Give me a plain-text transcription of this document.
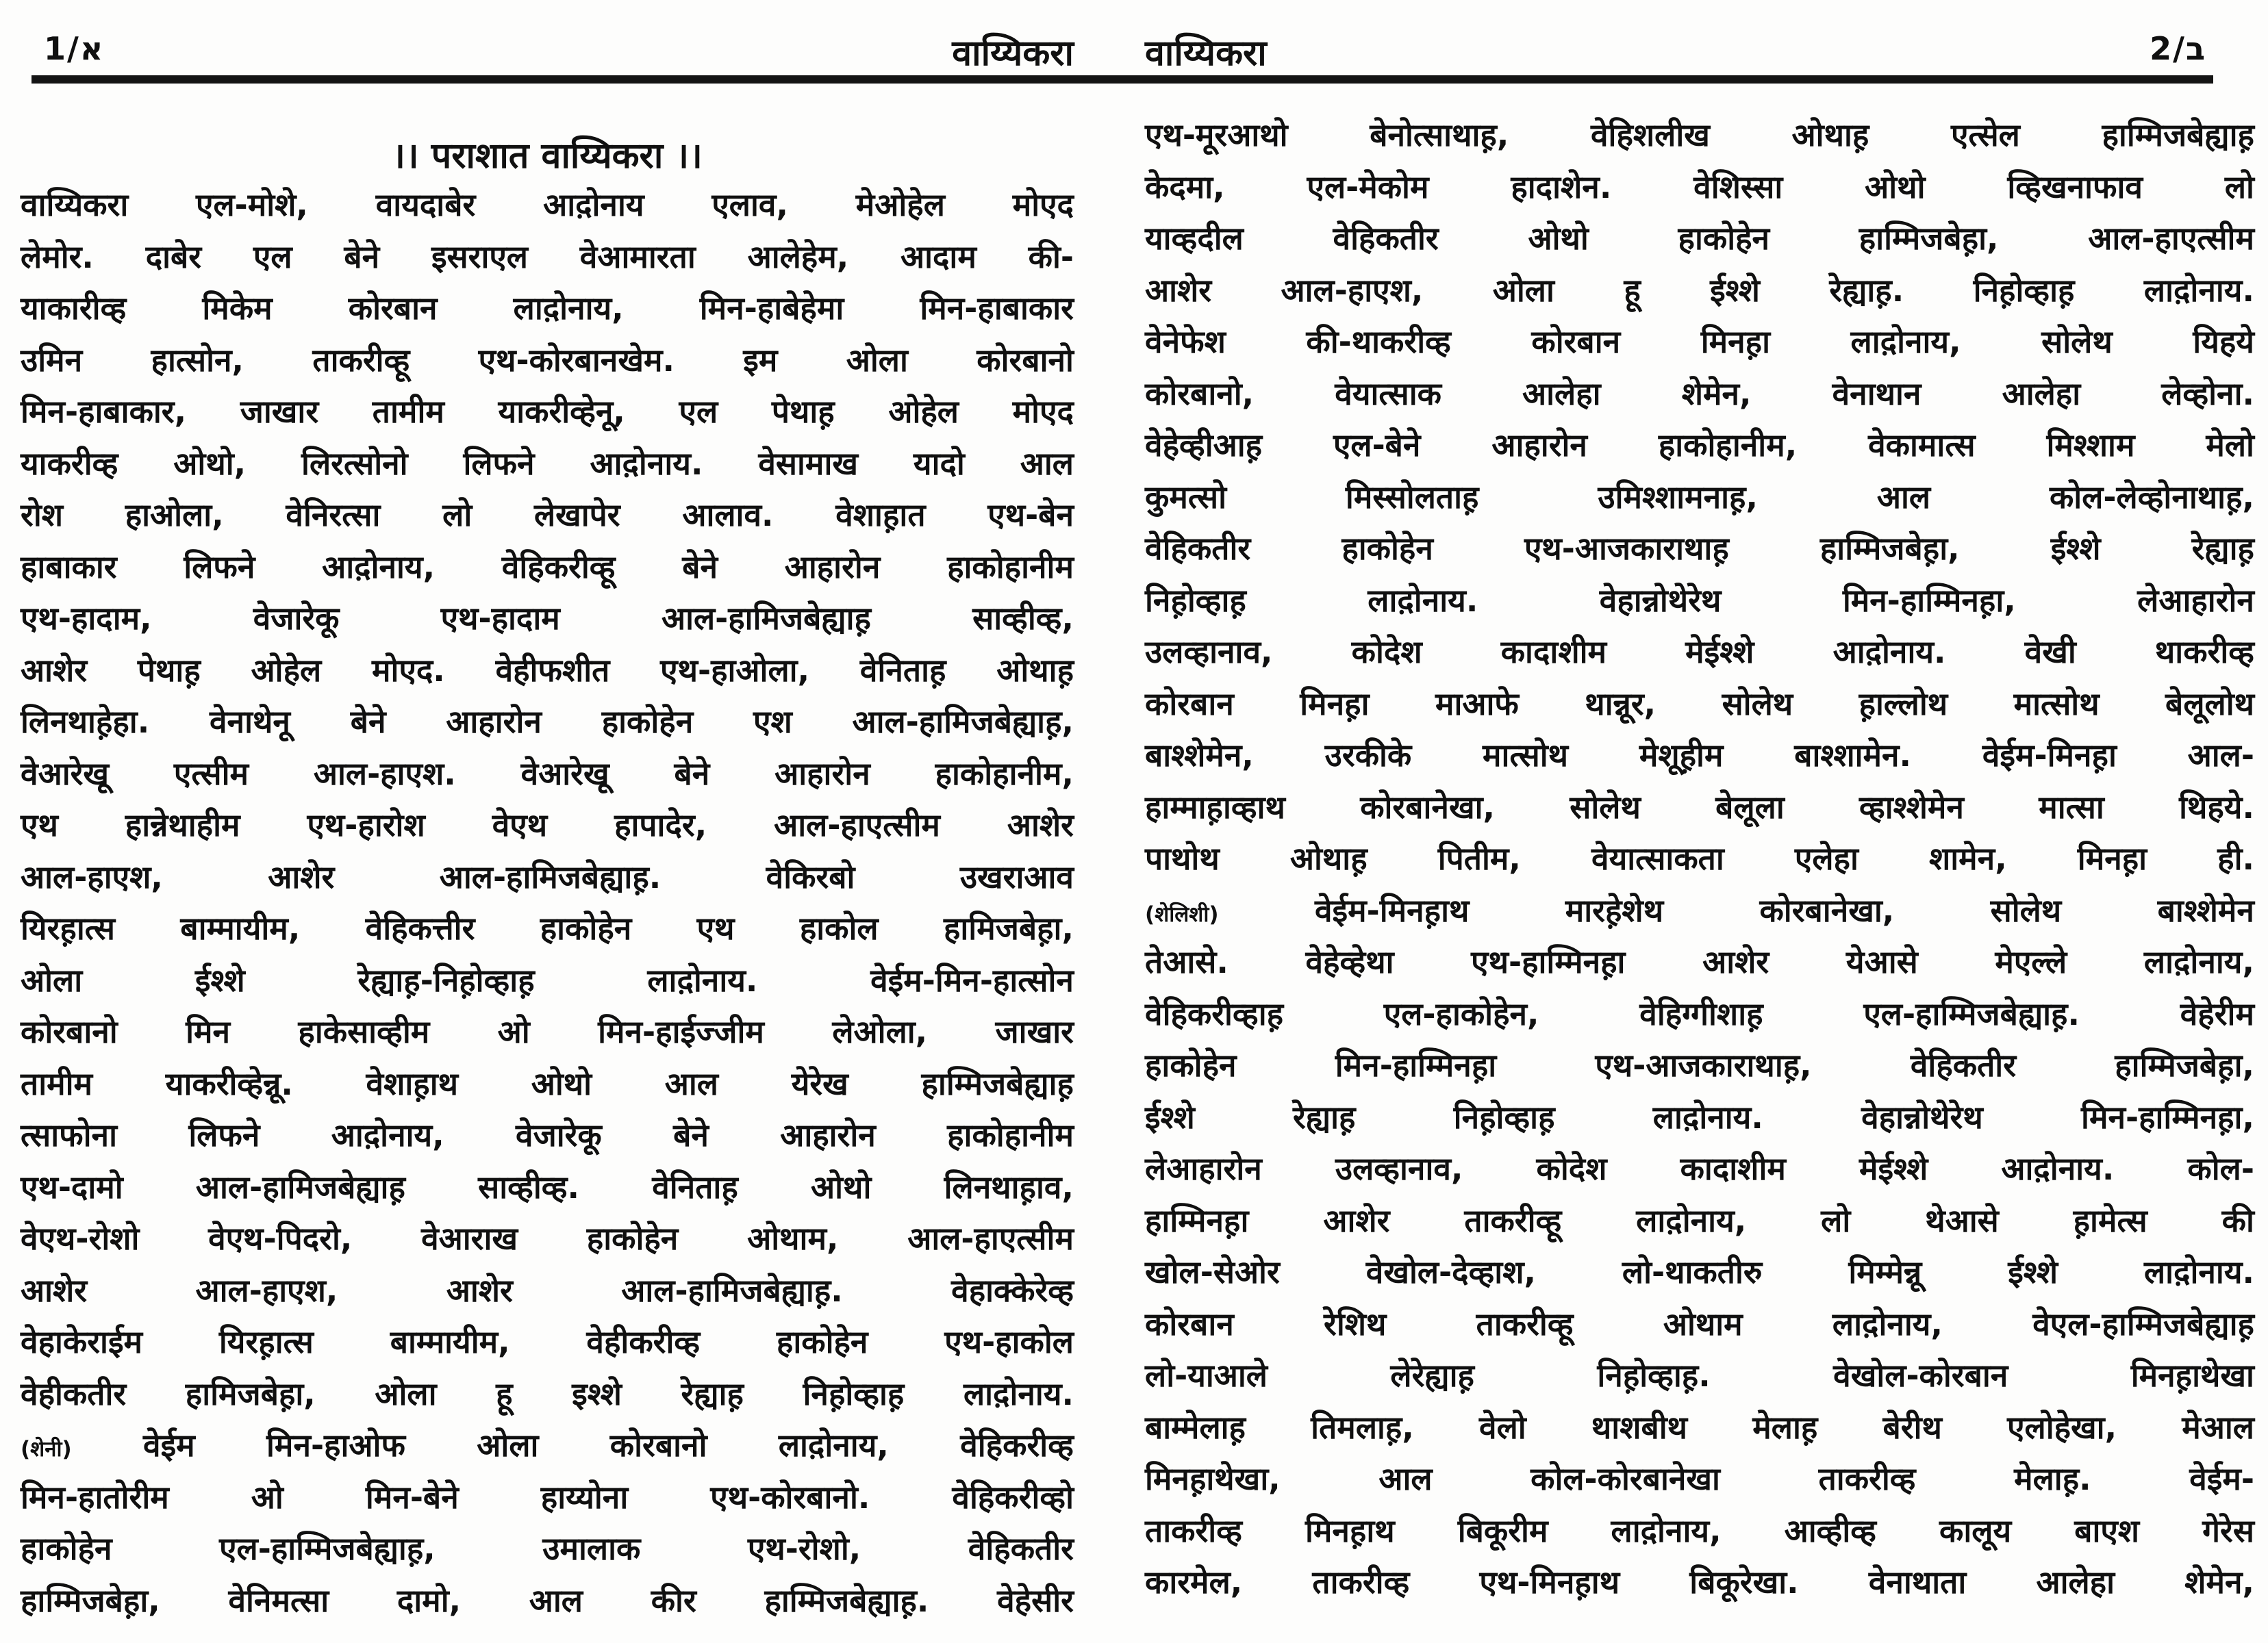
1/א	वाय्यिकरा वाय्यिकरा	2/ב
।। पराशात वाय्यिकरा ।।
वाय्यिकरा एल-मोशे, वायदाबेर आद़ोनाय एलाव, मेओहेल मोएद
लेमोर. दाबेर एल बेने इसराएल वेआमारता आलेहेम, आदाम की-
याकारीव्ह मिकेम कोरबान लाद़ोनाय, मिन-हाबेहेमा मिन-हाबाकार
उमिन हात्सोन, ताकरीव्हू एथ-कोरबानखेम. इम ओला कोरबानो
मिन-हाबाकार, जाखार तामीम याकरीव्हेनू, एल पेथाह़ ओहेल मोएद
याकरीव्ह ओथो, लिरत्सोनो लिफने आद़ोनाय. वेसामाख यादो आल
रोश हाओला, वेनिरत्सा लो लेखापेर आलाव. वेशाह़ात एथ-बेन
हाबाकार लिफने आद़ोनाय, वेहिकरीव्हू बेने आहारोन हाकोहानीम
एथ-हादाम,	वेजारेकू	एथ-हादाम	आल-हामिजबेह्याह़	साव्हीव्ह,
आशेर पेथाह़ ओहेल मोएद. वेहीफशीत एथ-हाओला, वेनिताह़ ओथाह़
लिनथाह़ेहा. वेनाथेनू बेने आहारोन हाकोहेन एश आल-हामिजबेह्याह़,
वेआरेखू एत्सीम आल-हाएश. वेआरेखू बेने आहारोन हाकोहानीम,
एथ हान्नेथाहीम एथ-हारोश वेएथ हापादेर, आल-हाएत्सीम आशेर
आल-हाएश,	आशेर	आल-हामिजबेह्याह़.	वेकिरबो	उखराआव
यिरह़ात्स बाम्मायीम, वेहिकत्तीर हाकोहेन एथ हाकोल हामिजबेह़ा,
ओला	ईश्शे	रेह्याह़-निह़ोव्हाह़	लाद़ोनाय.	वेईम-मिन-हात्सोन
कोरबानो मिन हाकेसाव्हीम ओ मिन-हाईज्जीम लेओला, जाखार
तामीम याकरीव्हेन्नू. वेशाह़ाथ ओथो आल येरेख हाम्मिजबेह्याह़
त्साफोना लिफने आद़ोनाय, वेजारेकू बेने आहारोन हाकोहानीम
एथ-दामो आल-हामिजबेह्याह़ साव्हीव्ह. वेनिताह़ ओथो लिनथाह़ाव,
वेएथ-रोशो वेएथ-पिदरो, वेआराख हाकोहेन ओथाम, आल-हाएत्सीम
आशेर	आल-हाएश,	आशेर	आल-हामिजबेह्याह़.	वेहाक्केरेव्ह
वेहाकेराईम यिरह़ात्स बाम्मायीम, वेहीकरीव्ह हाकोहेन एथ-हाकोल
वेहीकतीर हामिजबेह़ा, ओला हू इश्शे रेह्याह़ निह़ोव्हाह़ लाद़ोनाय.
(शेनी) वेईम मिन-हाओफ ओला कोरबानो लाद़ोनाय, वेहिकरीव्ह
मिन-हातोरीम	ओ	मिन-बेने	हाय्योना	एथ-कोरबानो.	वेहिकरीव्हो
हाकोहेन	एल-हाम्मिजबेह्याह़,	उमालाक	एथ-रोशो,	वेहिकतीर
हाम्मिजबेह़ा, वेनिमत्सा दामो, आल कीर हाम्मिजबेह्याह़. वेहेसीर
एथ-मूरआथो	बेनोत्साथाह़,	वेहिशलीख	ओथाह़	एत्सेल	हाम्मिजबेह्याह़
केदमा,	एल-मेकोम	हादाशेन.	वेशिस्सा	ओथो	व्हिखनाफाव	लो
याव्हदील	वेहिकतीर	ओथो	हाकोहेन	हाम्मिजबेह़ा,	आल-हाएत्सीम
आशेर आल-हाएश, ओला हू ईश्शे रेह्याह़. निह़ोव्हाह़ लाद़ोनाय.
वेनेफेश	की-थाकरीव्ह	कोरबान	मिनह़ा	लाद़ोनाय,	सोलेथ	यिहये
कोरबानो,	वेयात्साक	आलेहा	शेमेन,	वेनाथान	आलेहा	लेव्होना.
वेहेव्हीआह़ एल-बेने आहारोन हाकोहानीम, वेकामात्स मिश्शाम मेलो
कुमत्सो	मिस्सोलताह़	उमिश्शामनाह़,	आल	कोल-लेव्होनाथाह़,
वेहिकतीर	हाकोहेन	एथ-आजकाराथाह़	हाम्मिजबेह़ा,	ईश्शे	रेह्याह़
निह़ोव्हाह़	लाद़ोनाय.	वेहान्नोथेरेथ	मिन-हाम्मिनह़ा,	लेआहारोन
उलव्हानाव,	कोदेश	कादाशीम	मेईश्शे	आद़ोनाय.	वेखी	थाकरीव्ह
कोरबान मिनह़ा माआफे थान्नूर, सोलेथ ह़ाल्लोथ मात्सोथ बेलूलोथ
बाश्शेमेन, उरकीके मात्सोथ मेशूह़ीम बाश्शामेन. वेईम-मिनह़ा आल-
हाम्माह़ाव्हाथ कोरबानेखा, सोलेथ बेलूला व्हाश्शेमेन मात्सा थिहये.
पाथोथ ओथाह़ पितीम, वेयात्साकता एलेहा शामेन, मिनह़ा ही.
(शेलिशी)	वेईम-मिनह़ाथ	मारह़ेशेथ	कोरबानेखा,	सोलेथ	बाश्शेमेन
तेआसे. वेहेव्हेथा एथ-हाम्मिनह़ा आशेर येआसे मेएल्ले लाद़ोनाय,
वेहिकरीव्हाह़	एल-हाकोहेन,	वेहिग्गीशाह़	एल-हाम्मिजबेह्याह़.	वेहेरीम
हाकोहेन	मिन-हाम्मिनह़ा	एथ-आजकाराथाह़,	वेहिकतीर	हाम्मिजबेह़ा,
ईश्शे	रेह्याह़	निह़ोव्हाह़	लाद़ोनाय.	वेहान्नोथेरेथ	मिन-हाम्मिनह़ा,
लेआहारोन उलव्हानाव, कोदेश कादाशीम मेईश्शे आद़ोनाय. कोल-
हाम्मिनह़ा आशेर ताकरीव्हू लाद़ोनाय, लो थेआसे ह़ामेत्स की
खोल-सेओर	वेखोल-देव्हाश,	लो-थाकतीरु	मिम्मेन्नू	ईश्शे	लाद़ोनाय.
कोरबान	रेशिथ	ताकरीव्हू	ओथाम	लाद़ोनाय,	वेएल-हाम्मिजबेह्याह़
लो-याआले	लेरेह्याह़	निह़ोव्हाह़.	वेखोल-कोरबान	मिनह़ाथेखा
बाम्मेलाह़ तिमलाह़, वेलो थाशबीथ मेलाह़ बेरीथ एलोहेखा, मेआल
मिनह़ाथेखा,	आल	कोल-कोरबानेखा	ताकरीव्ह	मेलाह़.	वेईम-
ताकरीव्ह मिनह़ाथ बिकूरीम लाद़ोनाय, आव्हीव्ह कालूय बाएश गेरेस
कारमेल, ताकरीव्ह एथ-मिनह़ाथ बिकूरेखा. वेनाथाता आलेहा शेमेन,
